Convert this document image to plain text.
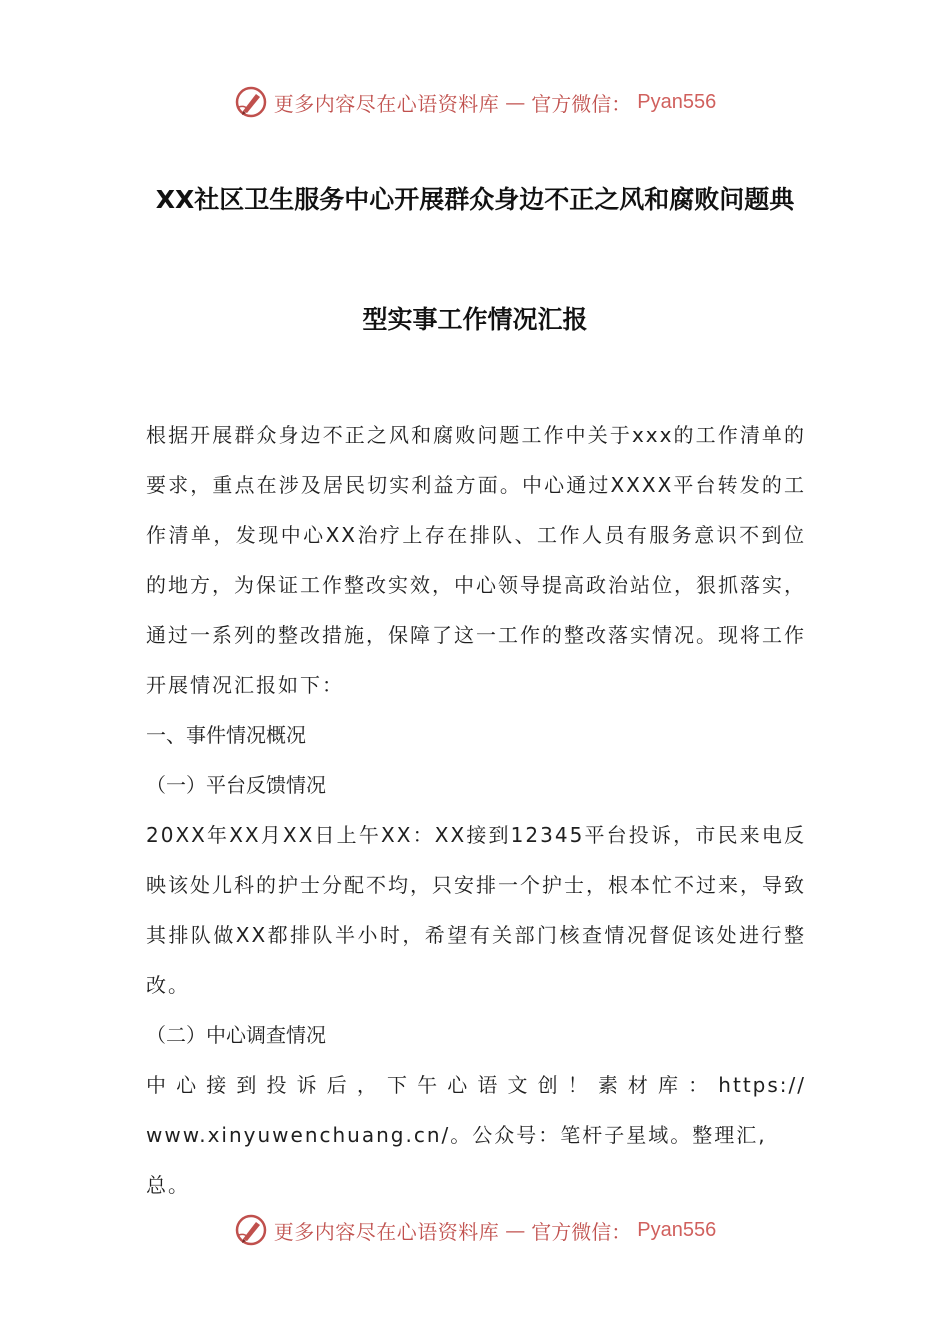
更多内容尽在心语资料库 — 官方微信： Pyan556
XX社区卫生服务中心开展群众身边不正之风和腐败问题典
型实事工作情况汇报

根据开展群众身边不正之风和腐败问题工作中关于xxx的工作清单的要求，重点在涉及居民切实利益方面。中心通过XXXX平台转发的工作清单，发现中心XX治疗上存在排队、工作人员有服务意识不到位的地方，为保证工作整改实效，中心领导提高政治站位，狠抓落实，通过一系列的整改措施，保障了这一工作的整改落实情况。现将工作开展情况汇报如下：

一、事件情况概况

（一）平台反馈情况

20XX年XX月XX日上午XX：XX接到12345平台投诉，市民来电反映该处儿科的护士分配不均，只安排一个护士，根本忙不过来，导致其排队做XX都排队半小时，希望有关部门核查情况督促该处进行整改。

（二）中心调查情况

中心接到投诉后，下午心语文创！素材库：https://

www.xinyuwenchuang.cn/。公众号：笔杆子星域。整理汇,总。

更多内容尽在心语资料库 — 官方微信： Pyan556
